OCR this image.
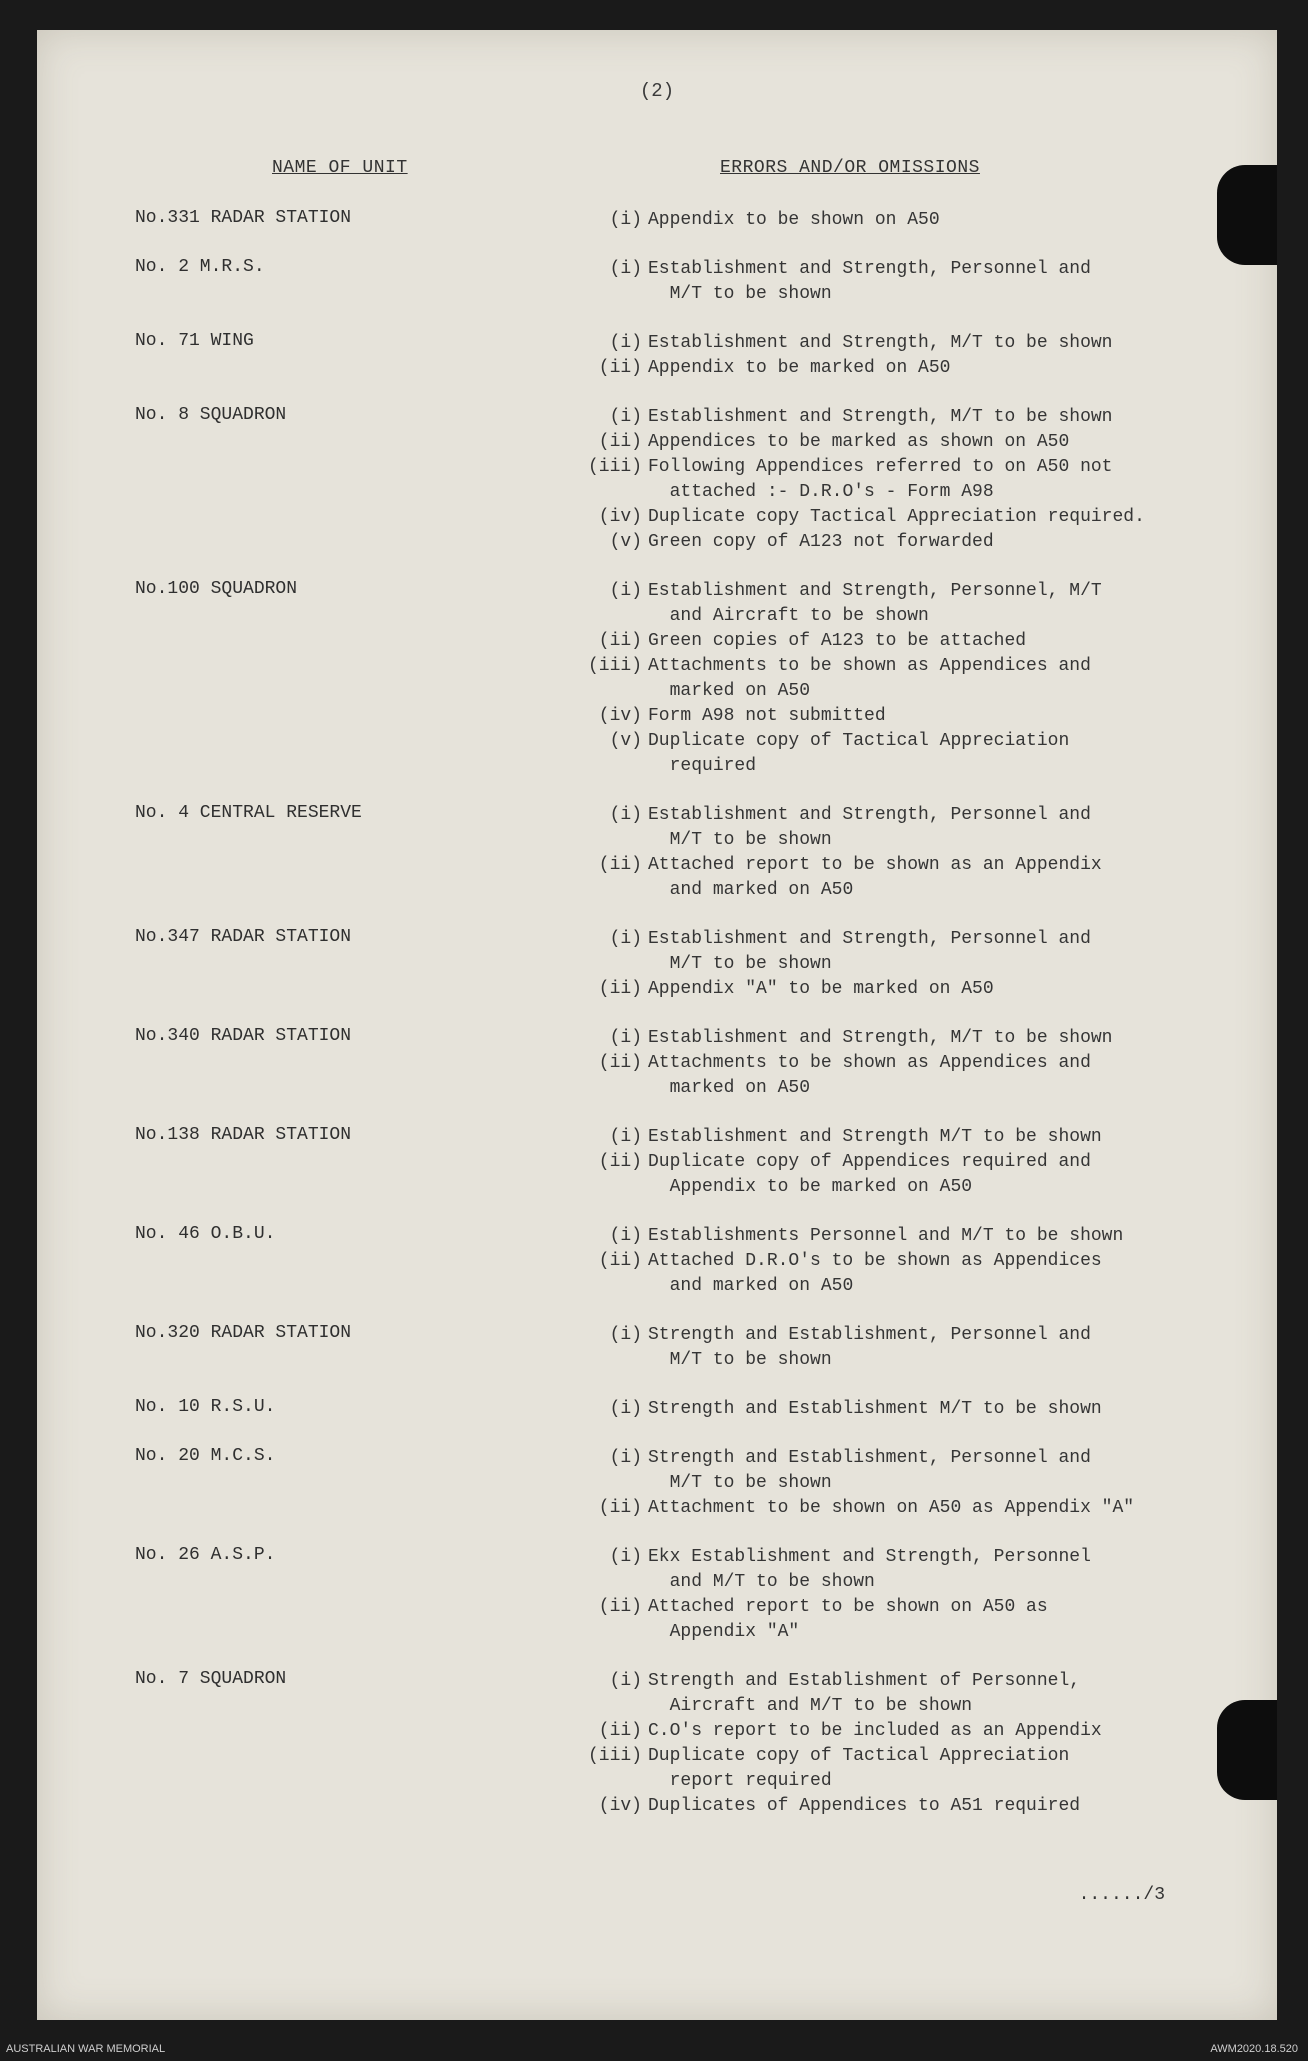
(2)
NAME OF UNIT	ERRORS AND/OR OMISSIONS
No.331 RADAR STATION	(i) Appendix to be shown on A50
No. 2 M.R.S.	(i) Establishment and Strength, Personnel and
M/T to be shown
No. 71 WING	(i) Establishment and Strength, M/T to be shown
(ii) Appendix to be marked on A50
No. 8 SQUADRON	(i) Establishment and Strength, M/T to be shown
(ii) Appendices to be marked as shown on A50
(iii) Following Appendices referred to on A50 not
attached :- D.R.O's - Form A98
(iv) Duplicate copy Tactical Appreciation required.
(v) Green copy of A123 not forwarded
No.100 SQUADRON	(i) Establishment and Strength, Personnel, M/T
and Aircraft to be shown
(ii) Green copies of A123 to be attached
(iii) Attachments to be shown as Appendices and
marked on A50
(iv) Form A98 not submitted
(v) Duplicate copy of Tactical Appreciation
required
No. 4 CENTRAL RESERVE	(i) Establishment and Strength, Personnel and
M/T to be shown
(ii) Attached report to be shown as an Appendix
and marked on A50
No.347 RADAR STATION	(i) Establishment and Strength, Personnel and
M/T to be shown
(ii) Appendix "A" to be marked on A50
No.340 RADAR STATION	(i) Establishment and Strength, M/T to be shown
(ii) Attachments to be shown as Appendices and
marked on A50
No.138 RADAR STATION	(i) Establishment and Strength M/T to be shown
(ii) Duplicate copy of Appendices required and
Appendix to be marked on A50
No. 46 O.B.U.	(i) Establishments Personnel and M/T to be shown
(ii) Attached D.R.O's to be shown as Appendices
and marked on A50
No.320 RADAR STATION	(i) Strength and Establishment, Personnel and
M/T to be shown
No. 10 R.S.U.	(i) Strength and Establishment M/T to be shown
No. 20 M.C.S.	(i) Strength and Establishment, Personnel and
M/T to be shown
(ii) Attachment to be shown on A50 as Appendix "A"
No. 26 A.S.P.	(i) Ekx Establishment and Strength, Personnel
and M/T to be shown
(ii) Attached report to be shown on A50 as
Appendix "A"
No. 7 SQUADRON	(i) Strength and Establishment of Personnel,
Aircraft and M/T to be shown
(ii) C.O's report to be included as an Appendix
(iii) Duplicate copy of Tactical Appreciation
report required
(iv) Duplicates of Appendices to A51 required
....../3
AUSTRALIAN WAR MEMORIAL	AWM2020.18.520
